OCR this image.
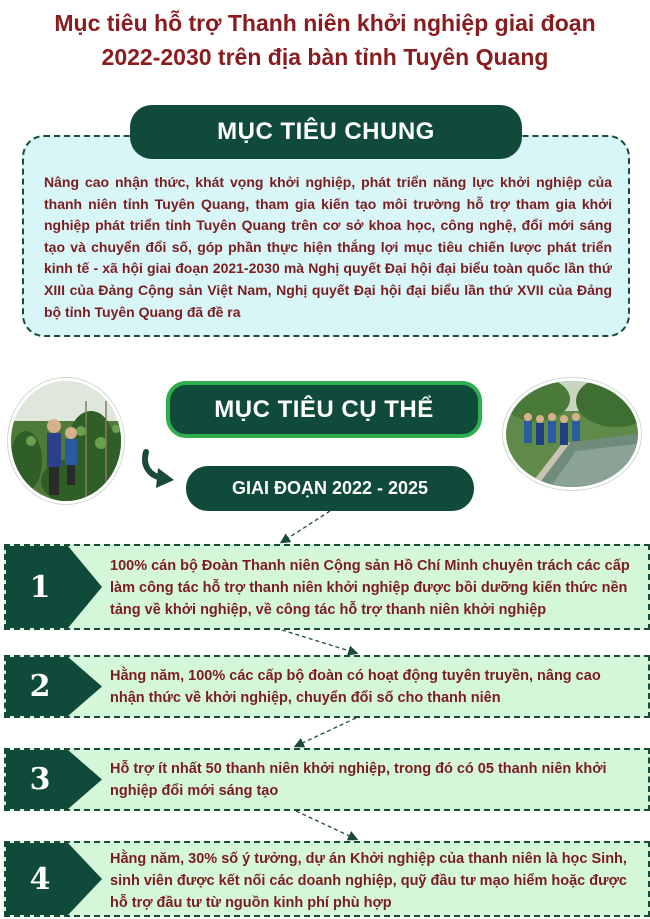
Mục tiêu hỗ trợ Thanh niên khởi nghiệp giai đoạn
2022-2030 trên địa bàn tỉnh Tuyên Quang
MỤC TIÊU CHUNG
Nâng cao nhận thức, khát vọng khởi nghiệp, phát triển năng lực khởi nghiệp của thanh niên tỉnh Tuyên Quang, tham gia kiến tạo môi trường hỗ trợ tham gia khởi nghiệp phát triển tỉnh Tuyên Quang trên cơ sở khoa học, công nghệ, đổi mới sáng tạo và chuyển đổi số, góp phần thực hiện thắng lợi mục tiêu chiến lược phát triển kinh tế - xã hội giai đoạn 2021-2030 mà Nghị quyết Đại hội đại biểu toàn quốc lần thứ XIII của Đảng Cộng sản Việt Nam, Nghị quyết Đại hội đại biểu lần thứ XVII của Đảng bộ tỉnh Tuyên Quang đã đề ra
MỤC TIÊU CỤ THỂ
GIAI ĐOẠN 2022 - 2025
1
100% cán bộ Đoàn Thanh niên Cộng sản Hồ Chí Minh chuyên trách các cấp làm công tác hỗ trợ thanh niên khởi nghiệp được bồi dưỡng kiến thức nền tảng về khởi nghiệp, về công tác hỗ trợ thanh niên khởi nghiệp
2	Hằng năm, 100% các cấp bộ đoàn có hoạt động tuyên truyền, nâng cao nhận thức về khởi nghiệp, chuyển đổi số cho thanh niên
3	Hỗ trợ ít nhất 50 thanh niên khởi nghiệp, trong đó có 05 thanh niên khởi nghiệp đổi mới sáng tạo
4
Hằng năm, 30% số ý tưởng, dự án Khởi nghiệp của thanh niên là học Sinh, sinh viên được kết nối các doanh nghiệp, quỹ đầu tư mạo hiểm hoặc được hỗ trợ đầu tư từ nguồn kinh phí phù hợp
